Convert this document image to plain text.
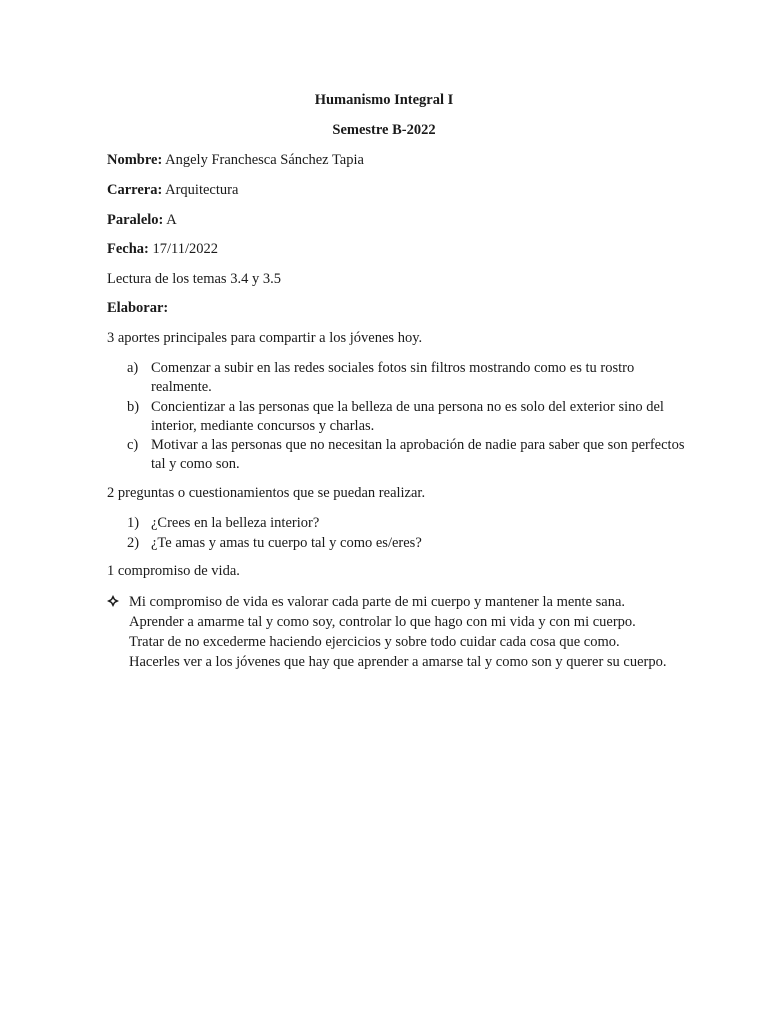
Humanismo Integral I
Semestre B-2022
Nombre: Angely Franchesca Sánchez Tapia
Carrera: Arquitectura
Paralelo: A
Fecha: 17/11/2022
Lectura de los temas 3.4 y 3.5
Elaborar:
3 aportes principales para compartir a los jóvenes hoy.
a) Comenzar a subir en las redes sociales fotos sin filtros mostrando como es tu rostro realmente.
b) Concientizar a las personas que la belleza de una persona no es solo del exterior sino del interior, mediante concursos y charlas.
c) Motivar a las personas que no necesitan la aprobación de nadie para saber que son perfectos tal y como son.
2 preguntas o cuestionamientos que se puedan realizar.
1) ¿Crees en la belleza interior?
2) ¿Te amas y amas tu cuerpo tal y como es/eres?
1 compromiso de vida.
Mi compromiso de vida es valorar cada parte de mi cuerpo y mantener la mente sana. Aprender a amarme tal y como soy, controlar lo que hago con mi vida y con mi cuerpo. Tratar de no excederme haciendo ejercicios y sobre todo cuidar cada cosa que como. Hacerles ver a los jóvenes que hay que aprender a amarse tal y como son y querer su cuerpo.
